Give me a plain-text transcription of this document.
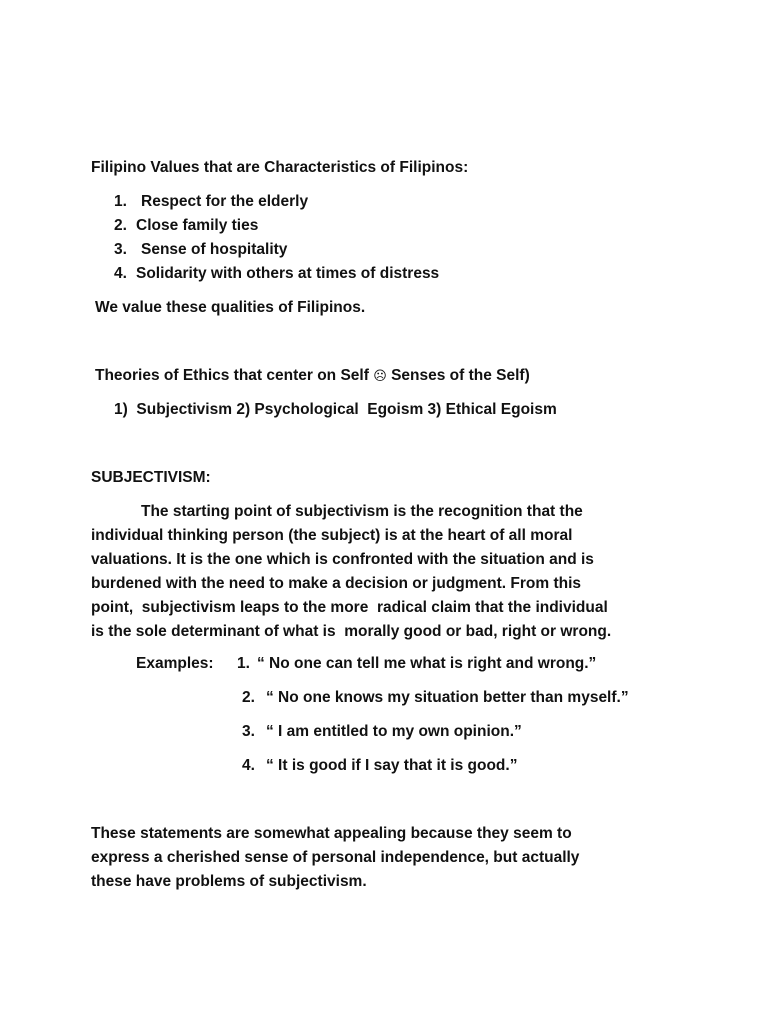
Filipino Values that are Characteristics of Filipinos:
1. Respect for the elderly
2. Close family ties
3. Sense of hospitality
4. Solidarity with others at times of distress
We value these qualities of Filipinos.
Theories of Ethics that center on Self ☹ Senses of the Self)
1)  Subjectivism 2) Psychological  Egoism 3) Ethical Egoism
SUBJECTIVISM:

The starting point of subjectivism is the recognition that the

individual thinking person (the subject) is at the heart of all moral

valuations. It is the one which is confronted with the situation and is

burdened with the need to make a decision or judgment. From this

point,  subjectivism leaps to the more  radical claim that the individual

is the sole determinant of what is  morally good or bad, right or wrong.

Examples: 1. “ No one can tell me what is right and wrong.”
2. “ No one knows my situation better than myself.”
3. “ I am entitled to my own opinion.”
4. “ It is good if I say that it is good.”

These statements are somewhat appealing because they seem to

express a cherished sense of personal independence, but actually

these have problems of subjectivism.
